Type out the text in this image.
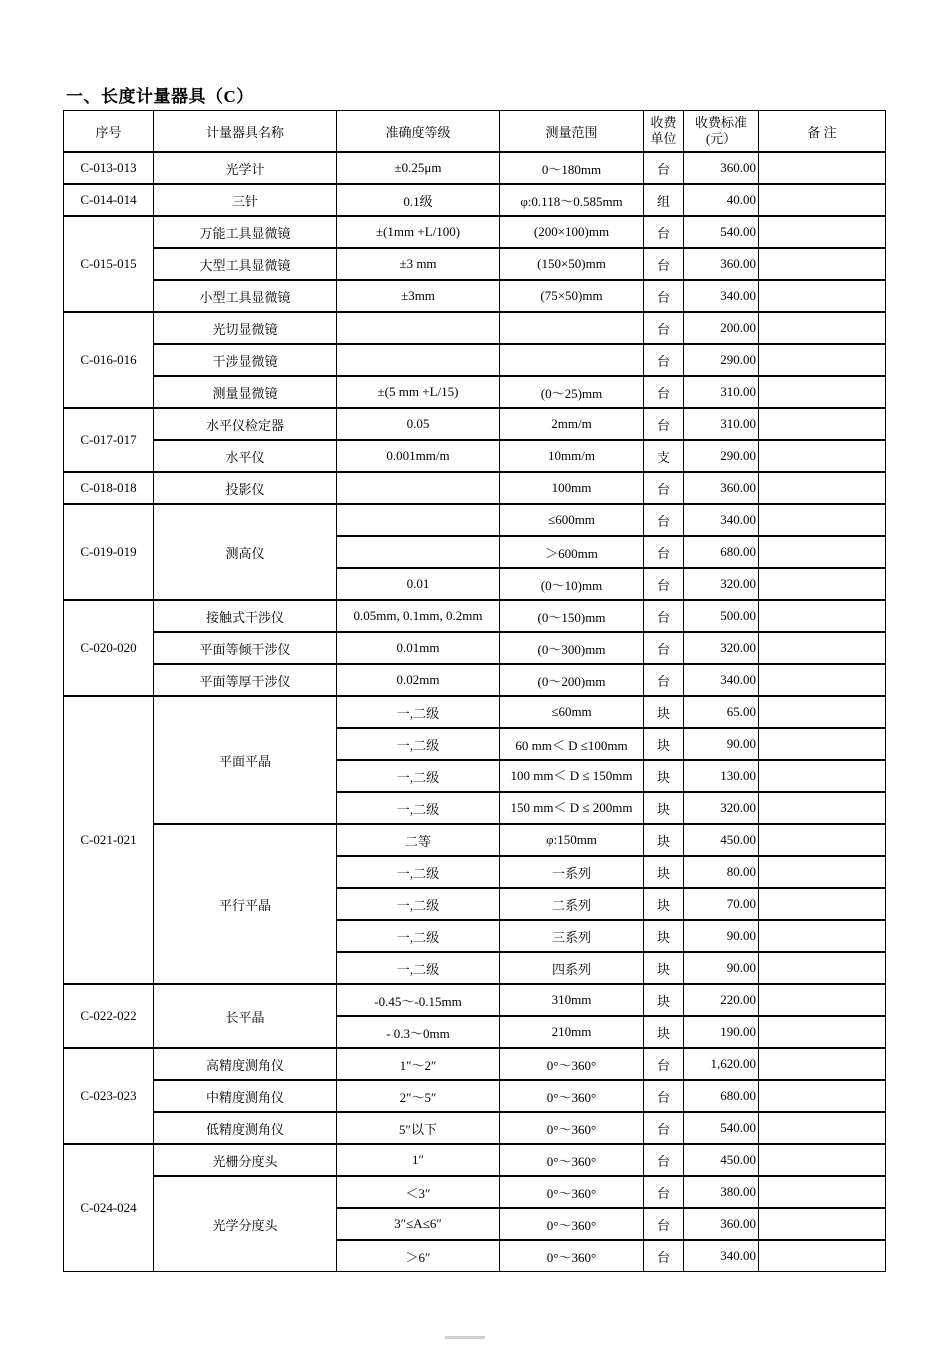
一、长度计量器具（C）
序号	计量器具名称	准确度等级	测量范围	收费单位	收费标准(元）	备 注
C-013-013	光学计	±0.25μm	0～180mm	台	360.00	
C-014-014	三针	0.1级	φ:0.118～0.585mm	组	40.00	
C-015-015	万能工具显微镜	±(1mm +L/100)	(200×100)mm	台	540.00	
	大型工具显微镜	±3 mm	(150×50)mm	台	360.00	
	小型工具显微镜	±3mm	(75×50)mm	台	340.00	
C-016-016	光切显微镜			台	200.00	
	干涉显微镜			台	290.00	
	测量显微镜	±(5 mm +L/15)	(0～25)mm	台	310.00	
C-017-017	水平仪检定器	0.05	2mm/m	台	310.00	
	水平仪	0.001mm/m	10mm/m	支	290.00	
C-018-018	投影仪		100mm	台	360.00	
C-019-019	测高仪		≤600mm	台	340.00	
			＞600mm	台	680.00	
		0.01	(0～10)mm	台	320.00	
C-020-020	接触式干涉仪	0.05mm, 0.1mm, 0.2mm	(0～150)mm	台	500.00	
	平面等倾干涉仪	0.01mm	(0～300)mm	台	320.00	
	平面等厚干涉仪	0.02mm	(0～200)mm	台	340.00	
C-021-021	平面平晶	一,二级	≤60mm	块	65.00	
		一,二级	60 mm＜ D ≤100mm	块	90.00	
		一,二级	100 mm＜ D ≤ 150mm	块	130.00	
		一,二级	150 mm＜ D ≤ 200mm	块	320.00	
	平行平晶	二等	φ:150mm	块	450.00	
		一,二级	一系列	块	80.00	
		一,二级	二系列	块	70.00	
		一,二级	三系列	块	90.00	
		一,二级	四系列	块	90.00	
C-022-022	长平晶	-0.45～-0.15mm	310mm	块	220.00	
		- 0.3～0mm	210mm	块	190.00	
C-023-023	高精度测角仪	1″～2″	0°～360°	台	1,620.00	
	中精度测角仪	2″～5″	0°～360°	台	680.00	
	低精度测角仪	5″以下	0°～360°	台	540.00	
C-024-024	光栅分度头	1″	0°～360°	台	450.00	
	光学分度头	＜3″	0°～360°	台	380.00	
		3″≤A≤6″	0°～360°	台	360.00	
		＞6″	0°～360°	台	340.00	
